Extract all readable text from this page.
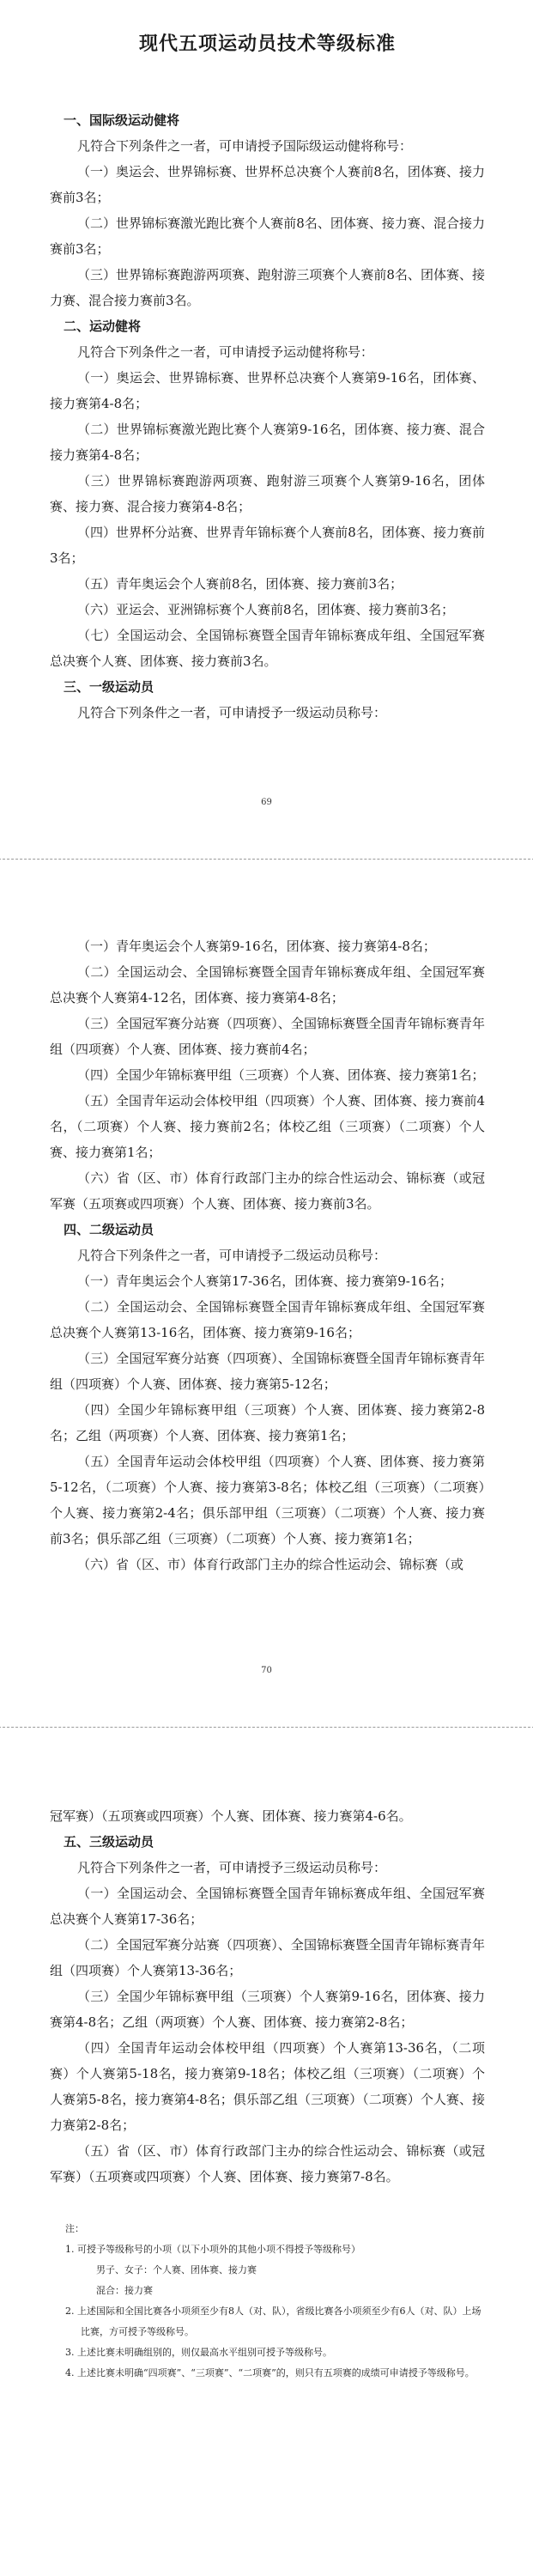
现代五项运动员技术等级标准

一、国际级运动健将

凡符合下列条件之一者，可申请授予国际级运动健将称号：

（一）奥运会、世界锦标赛、世界杯总决赛个人赛前8名，团体赛、接力赛前3名；

（二）世界锦标赛激光跑比赛个人赛前8名、团体赛、接力赛、混合接力赛前3名；

（三）世界锦标赛跑游两项赛、跑射游三项赛个人赛前8名、团体赛、接力赛、混合接力赛前3名。

二、运动健将

凡符合下列条件之一者，可申请授予运动健将称号：

（一）奥运会、世界锦标赛、世界杯总决赛个人赛第9-16名，团体赛、接力赛第4-8名；

（二）世界锦标赛激光跑比赛个人赛第9-16名，团体赛、接力赛、混合接力赛第4-8名；

（三）世界锦标赛跑游两项赛、跑射游三项赛个人赛第9-16名，团体赛、接力赛、混合接力赛第4-8名；

（四）世界杯分站赛、世界青年锦标赛个人赛前8名，团体赛、接力赛前3名；

（五）青年奥运会个人赛前8名，团体赛、接力赛前3名；

（六）亚运会、亚洲锦标赛个人赛前8名，团体赛、接力赛前3名；

（七）全国运动会、全国锦标赛暨全国青年锦标赛成年组、全国冠军赛总决赛个人赛、团体赛、接力赛前3名。

三、一级运动员

凡符合下列条件之一者，可申请授予一级运动员称号：

69

（一）青年奥运会个人赛第9-16名，团体赛、接力赛第4-8名；

（二）全国运动会、全国锦标赛暨全国青年锦标赛成年组、全国冠军赛总决赛个人赛第4-12名，团体赛、接力赛第4-8名；

（三）全国冠军赛分站赛（四项赛）、全国锦标赛暨全国青年锦标赛青年组（四项赛）个人赛、团体赛、接力赛前4名；

（四）全国少年锦标赛甲组（三项赛）个人赛、团体赛、接力赛第1名；

（五）全国青年运动会体校甲组（四项赛）个人赛、团体赛、接力赛前4名，（二项赛）个人赛、接力赛前2名；体校乙组（三项赛）（二项赛）个人赛、接力赛第1名；

（六）省（区、市）体育行政部门主办的综合性运动会、锦标赛（或冠军赛（五项赛或四项赛）个人赛、团体赛、接力赛前3名。

四、二级运动员

凡符合下列条件之一者，可申请授予二级运动员称号：

（一）青年奥运会个人赛第17-36名，团体赛、接力赛第9-16名；

（二）全国运动会、全国锦标赛暨全国青年锦标赛成年组、全国冠军赛总决赛个人赛第13-16名，团体赛、接力赛第9-16名；

（三）全国冠军赛分站赛（四项赛）、全国锦标赛暨全国青年锦标赛青年组（四项赛）个人赛、团体赛、接力赛第5-12名；

（四）全国少年锦标赛甲组（三项赛）个人赛、团体赛、接力赛第2-8名；乙组（两项赛）个人赛、团体赛、接力赛第1名；

（五）全国青年运动会体校甲组（四项赛）个人赛、团体赛、接力赛第5-12名，（二项赛）个人赛、接力赛第3-8名；体校乙组（三项赛）（二项赛）个人赛、接力赛第2-4名；俱乐部甲组（三项赛）（二项赛）个人赛、接力赛前3名；俱乐部乙组（三项赛）（二项赛）个人赛、接力赛第1名；

（六）省（区、市）体育行政部门主办的综合性运动会、锦标赛（或

70

冠军赛）（五项赛或四项赛）个人赛、团体赛、接力赛第4-6名。

五、三级运动员

凡符合下列条件之一者，可申请授予三级运动员称号：

（一）全国运动会、全国锦标赛暨全国青年锦标赛成年组、全国冠军赛总决赛个人赛第17-36名；

（二）全国冠军赛分站赛（四项赛）、全国锦标赛暨全国青年锦标赛青年组（四项赛）个人赛第13-36名；

（三）全国少年锦标赛甲组（三项赛）个人赛第9-16名，团体赛、接力赛第4-8名；乙组（两项赛）个人赛、团体赛、接力赛第2-8名；

（四）全国青年运动会体校甲组（四项赛）个人赛第13-36名，（二项赛）个人赛第5-18名，接力赛第9-18名；体校乙组（三项赛）（二项赛）个人赛第5-8名，接力赛第4-8名；俱乐部乙组（三项赛）（二项赛）个人赛、接力赛第2-8名；

（五）省（区、市）体育行政部门主办的综合性运动会、锦标赛（或冠军赛）（五项赛或四项赛）个人赛、团体赛、接力赛第7-8名。

注：

1. 可授予等级称号的小项（以下小项外的其他小项不得授予等级称号）

男子、女子：个人赛、团体赛、接力赛

混合：接力赛

2. 上述国际和全国比赛各小项须至少有8人（对、队），省级比赛各小项须至少有6人（对、队）上场比赛，方可授予等级称号。

3. 上述比赛未明确组别的，则仅最高水平组别可授予等级称号。

4. 上述比赛未明确“四项赛”、“三项赛”、“二项赛”的，则只有五项赛的成绩可申请授予等级称号。
